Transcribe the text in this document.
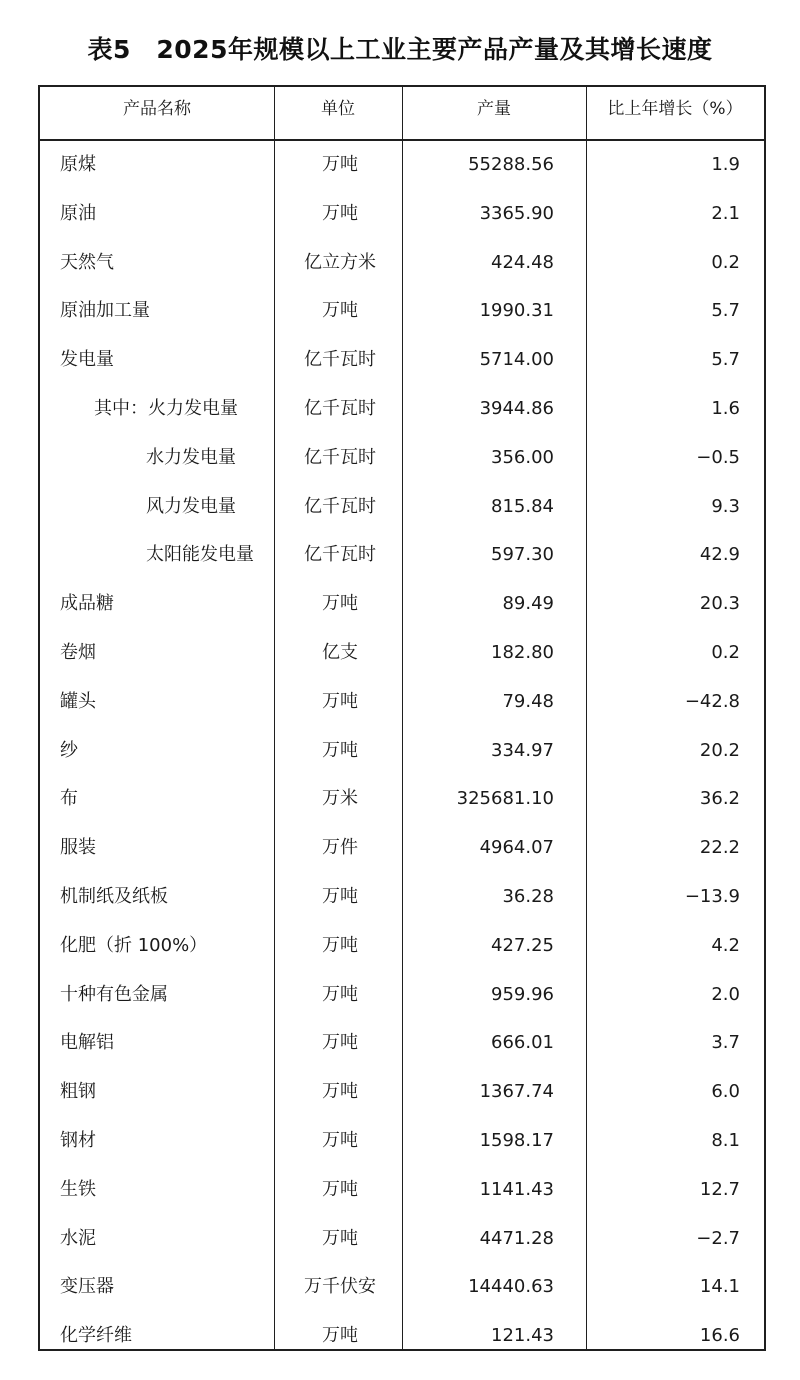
表5　2025年规模以上工业主要产品产量及其增长速度
产品名称	单位	产量	比上年增长（%）
原煤	万吨	55288.56	1.9
原油	万吨	3365.90	2.1
天然气	亿立方米	424.48	0.2
原油加工量	万吨	1990.31	5.7
发电量	亿千瓦时	5714.00	5.7
其中：火力发电量	亿千瓦时	3944.86	1.6
水力发电量	亿千瓦时	356.00	−0.5
风力发电量	亿千瓦时	815.84	9.3
太阳能发电量	亿千瓦时	597.30	42.9
成品糖	万吨	89.49	20.3
卷烟	亿支	182.80	0.2
罐头	万吨	79.48	−42.8
纱	万吨	334.97	20.2
布	万米	325681.10	36.2
服装	万件	4964.07	22.2
机制纸及纸板	万吨	36.28	−13.9
化肥（折 100%）	万吨	427.25	4.2
十种有色金属	万吨	959.96	2.0
电解铝	万吨	666.01	3.7
粗钢	万吨	1367.74	6.0
钢材	万吨	1598.17	8.1
生铁	万吨	1141.43	12.7
水泥	万吨	4471.28	−2.7
变压器	万千伏安	14440.63	14.1
化学纤维	万吨	121.43	16.6
